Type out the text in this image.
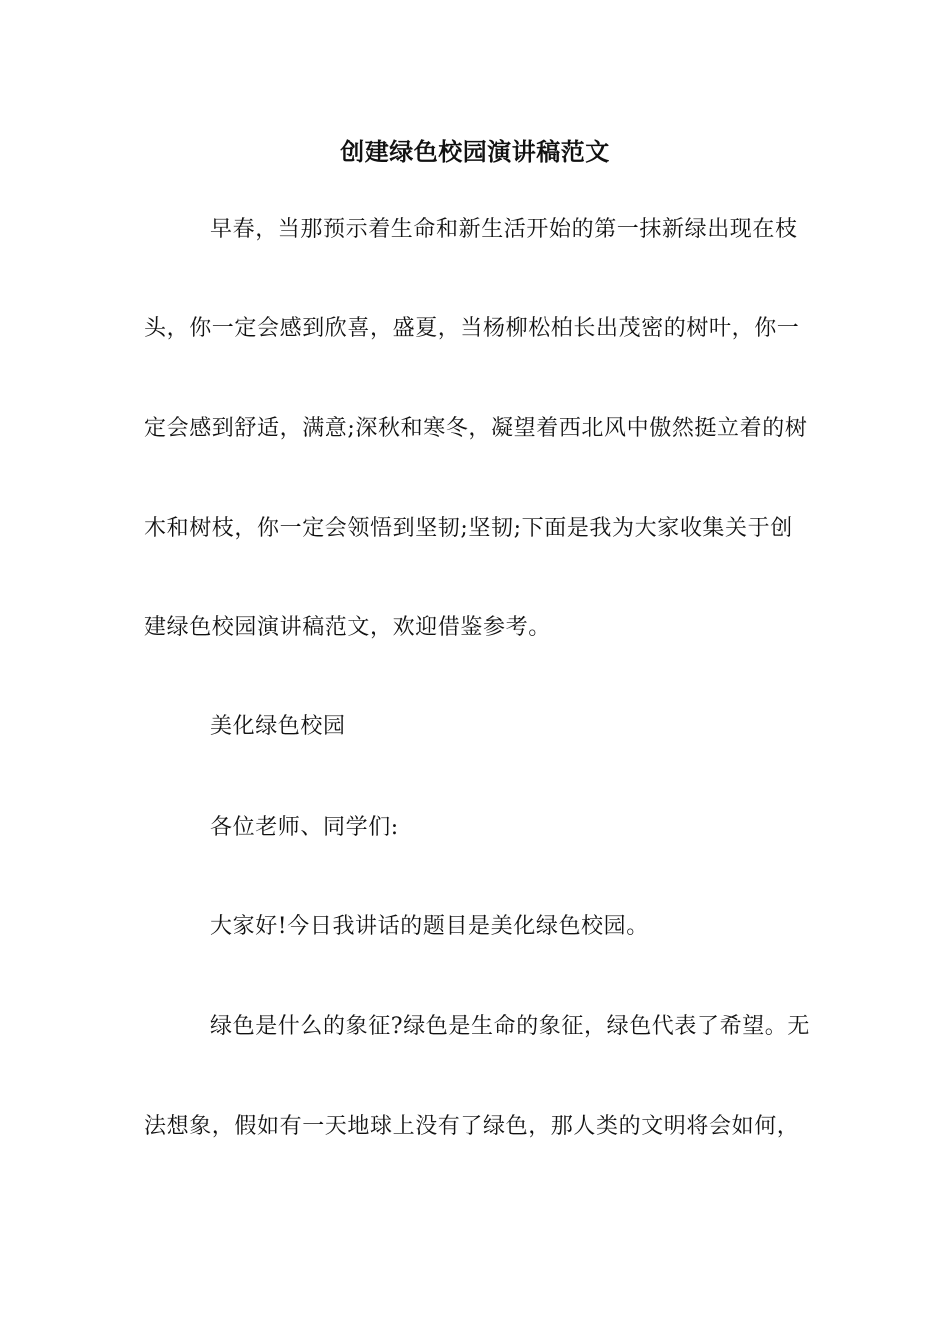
创建绿色校园演讲稿范文
早春，当那预示着生命和新生活开始的第一抹新绿出现在枝
头，你一定会感到欣喜，盛夏，当杨柳松柏长出茂密的树叶，你一
定会感到舒适，满意;深秋和寒冬，凝望着西北风中傲然挺立着的树
木和树枝，你一定会领悟到坚韧;坚韧;下面是我为大家收集关于创
建绿色校园演讲稿范文，欢迎借鉴参考。
美化绿色校园
各位老师、同学们:
大家好!今日我讲话的题目是美化绿色校园。
绿色是什么的象征?绿色是生命的象征，绿色代表了希望。无
法想象，假如有一天地球上没有了绿色，那人类的文明将会如何，
